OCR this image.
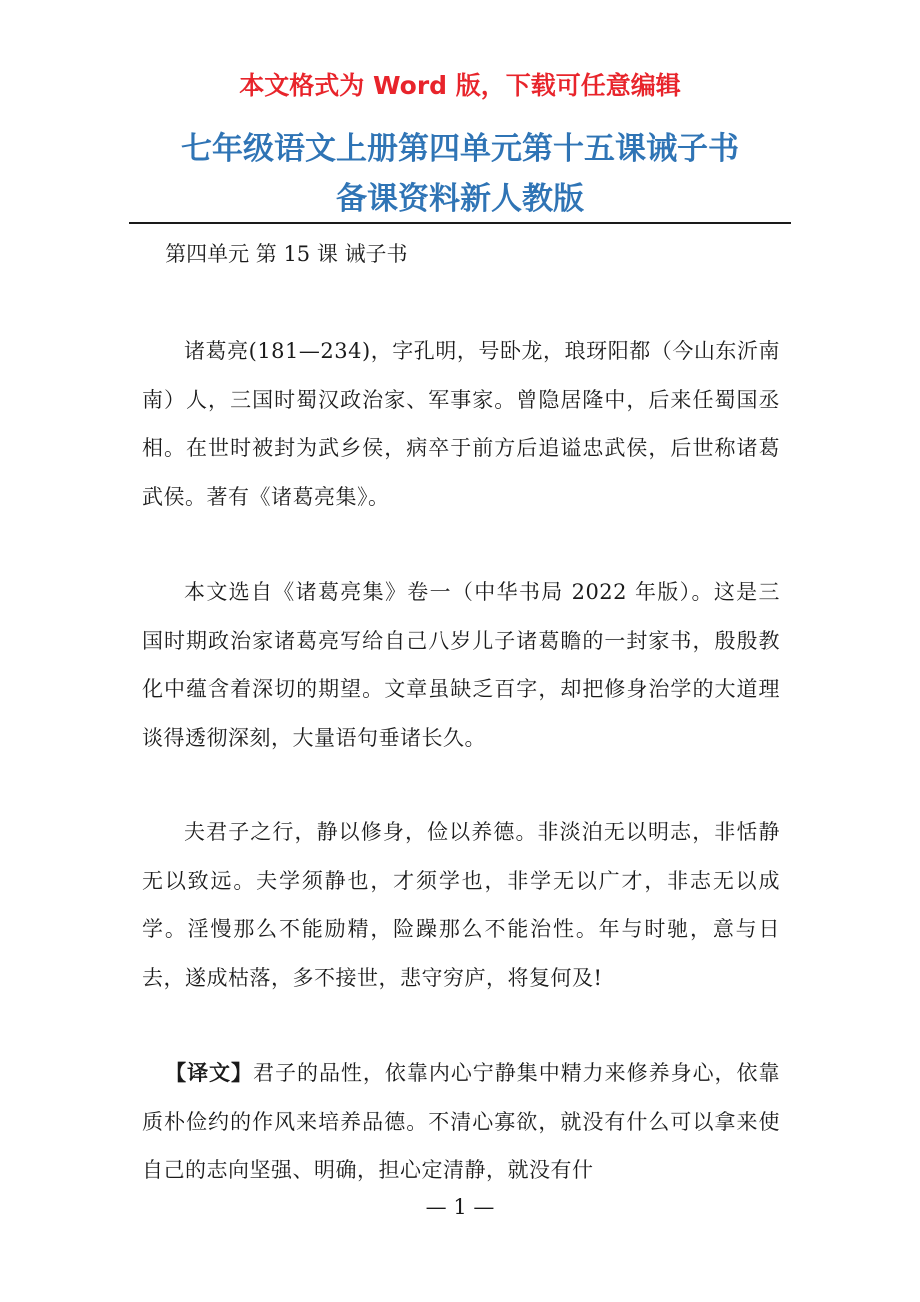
本文格式为 Word 版，下载可任意编辑
七年级语文上册第四单元第十五课诫子书
备课资料新人教版

第四单元 第 15 课 诫子书

诸葛亮(181—234)，字孔明，号卧龙，琅玡阳都（今山东沂南南）人，三国时蜀汉政治家、军事家。曾隐居隆中，后来任蜀国丞相。在世时被封为武乡侯，病卒于前方后追谥忠武侯，后世称诸葛武侯。著有《诸葛亮集》。

本文选自《诸葛亮集》卷一（中华书局 2022 年版）。这是三国时期政治家诸葛亮写给自己八岁儿子诸葛瞻的一封家书，殷殷教化中蕴含着深切的期望。文章虽缺乏百字，却把修身治学的大道理谈得透彻深刻，大量语句垂诸长久。

夫君子之行，静以修身，俭以养德。非淡泊无以明志，非恬静无以致远。夫学须静也，才须学也，非学无以广才，非志无以成学。淫慢那么不能励精，险躁那么不能治性。年与时驰，意与日去，遂成枯落，多不接世，悲守穷庐，将复何及!

【译文】君子的品性，依靠内心宁静集中精力来修养身心，依靠质朴俭约的作风来培养品德。不清心寡欲，就没有什么可以拿来使自己的志向坚强、明确，担心定清静，就没有什

— 1 —
